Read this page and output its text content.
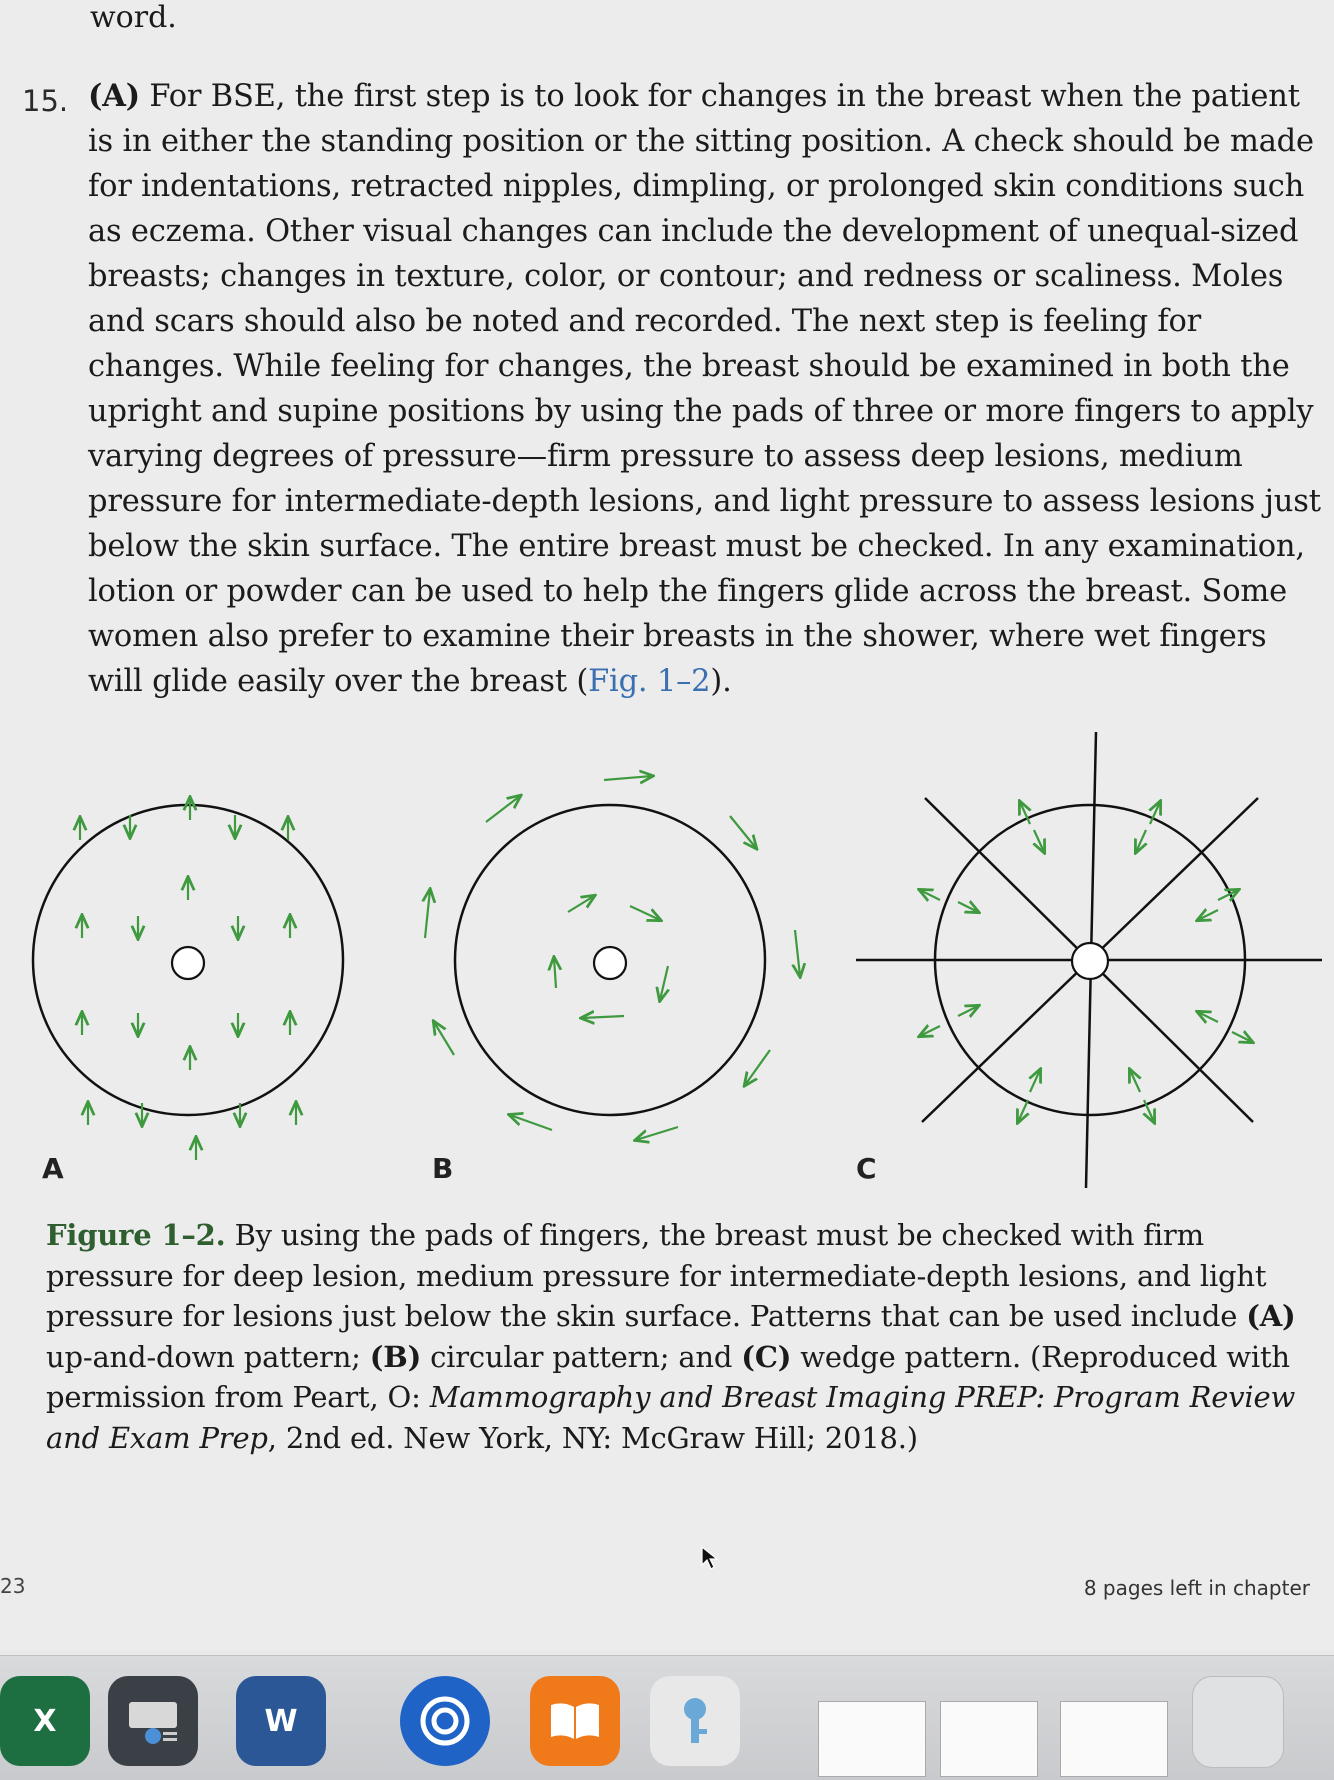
word.
15. (A) For BSE, the first step is to look for changes in the breast when the patient is in either the standing position or the sitting position. A check should be made for indentations, retracted nipples, dimpling, or prolonged skin conditions such as eczema. Other visual changes can include the development of unequal-sized breasts; changes in texture, color, or contour; and redness or scaliness. Moles and scars should also be noted and recorded. The next step is feeling for changes. While feeling for changes, the breast should be examined in both the upright and supine positions by using the pads of three or more fingers to apply varying degrees of pressure—firm pressure to assess deep lesions, medium pressure for intermediate-depth lesions, and light pressure to assess lesions just below the skin surface. The entire breast must be checked. In any examination, lotion or powder can be used to help the fingers glide across the breast. Some women also prefer to examine their breasts in the shower, where wet fingers will glide easily over the breast (Fig. 1–2).
A	B	C
Figure 1–2. By using the pads of fingers, the breast must be checked with firm pressure for deep lesion, medium pressure for intermediate-depth lesions, and light pressure for lesions just below the skin surface. Patterns that can be used include (A) up-and-down pattern; (B) circular pattern; and (C) wedge pattern. (Reproduced with permission from Peart, O: Mammography and Breast Imaging PREP: Program Review and Exam Prep, 2nd ed. New York, NY: McGraw Hill; 2018.)
23	8 pages left in chapter
X	W
